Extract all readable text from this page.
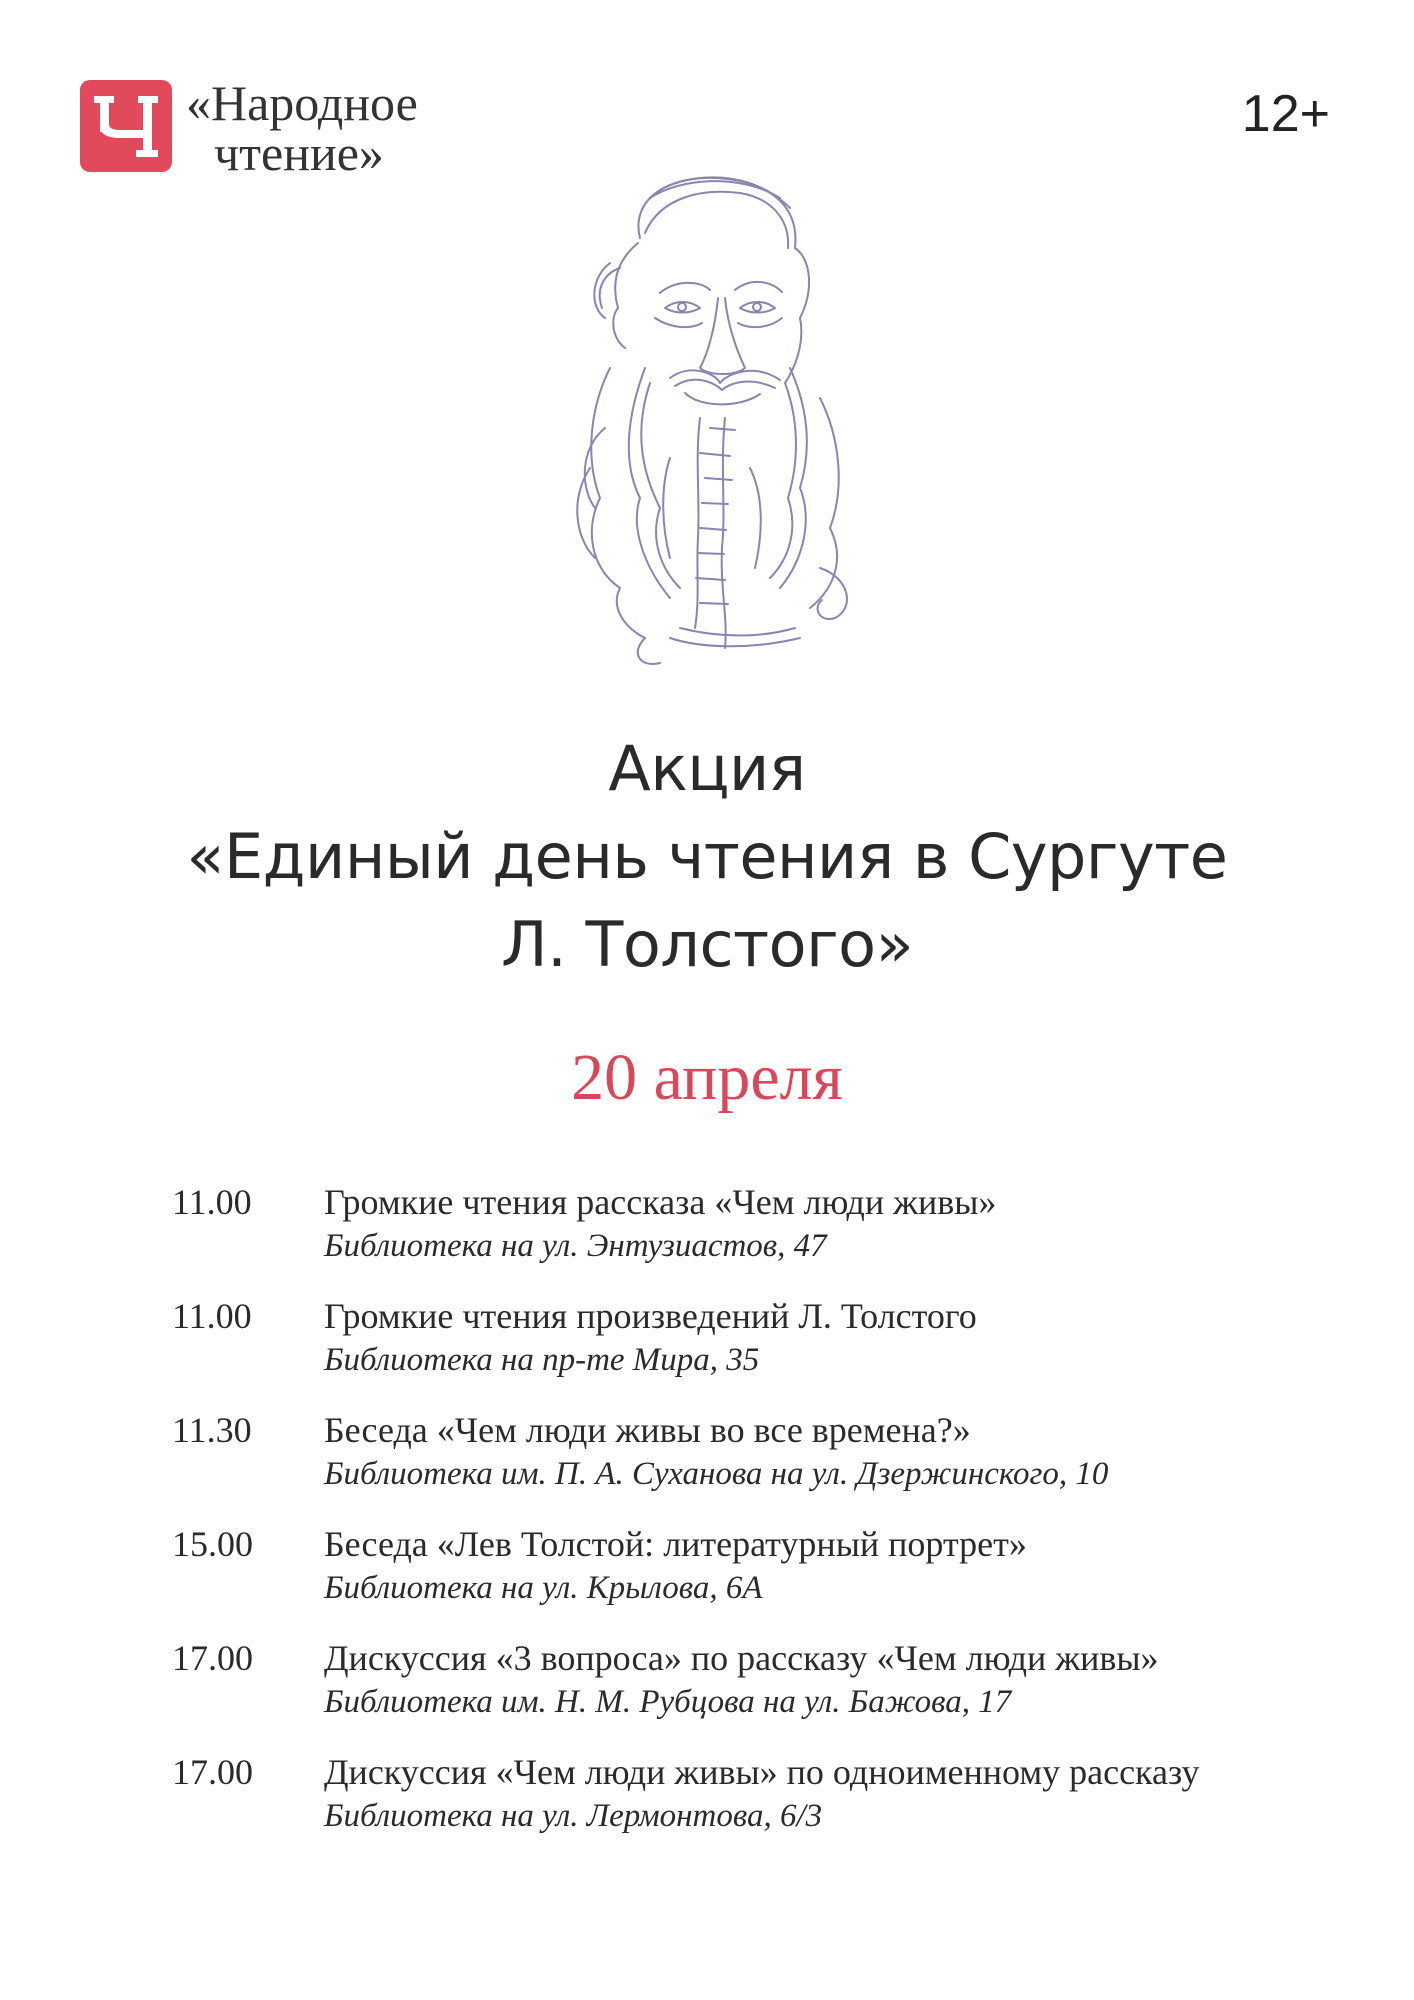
«Народное
чтение»
12+
Акция
«Единый день чтения в Сургуте
Л. Толстого»
20 апреля
11.00	Громкие чтения рассказа «Чем люди живы»
Библиотека на ул. Энтузиастов, 47
11.00	Громкие чтения произведений Л. Толстого
Библиотека на пр-те Мира, 35
11.30	Беседа «Чем люди живы во все времена?»
Библиотека им. П. А. Суханова на ул. Дзержинского, 10
15.00	Беседа «Лев Толстой: литературный портрет»
Библиотека на ул. Крылова, 6А
17.00	Дискуссия «3 вопроса» по рассказу «Чем люди живы»
Библиотека им. Н. М. Рубцова на ул. Бажова, 17
17.00	Дискуссия «Чем люди живы» по одноименному рассказу
Библиотека на ул. Лермонтова, 6/3
